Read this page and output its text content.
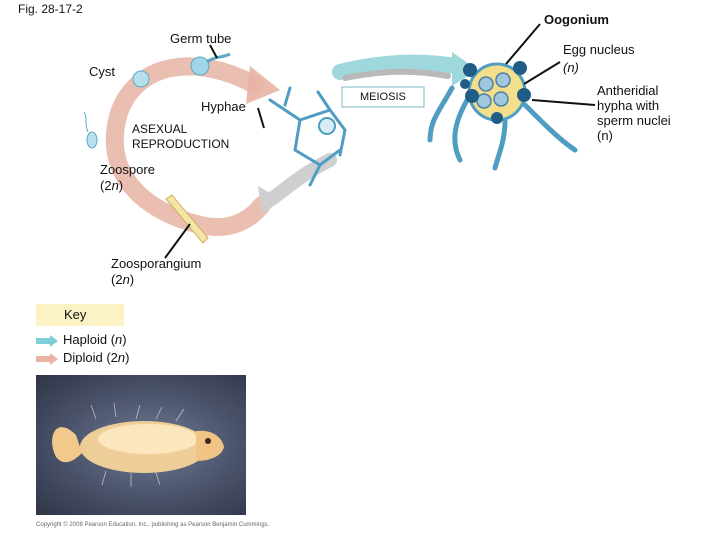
Fig. 28-17-2
Oogonium
Germ tube
Egg nucleus
(n)
Cyst
MEIOSIS	Antheridial
hypha with
sperm nuclei
(n)
Hyphae
ASEXUAL
REPRODUCTION
Zoospore
(2n)
Zoosporangium
(2n)
Key
Haploid (n)
Diploid (2n)
Copyright © 2008 Pearson Education, Inc., publishing as Pearson Benjamin Cummings.
